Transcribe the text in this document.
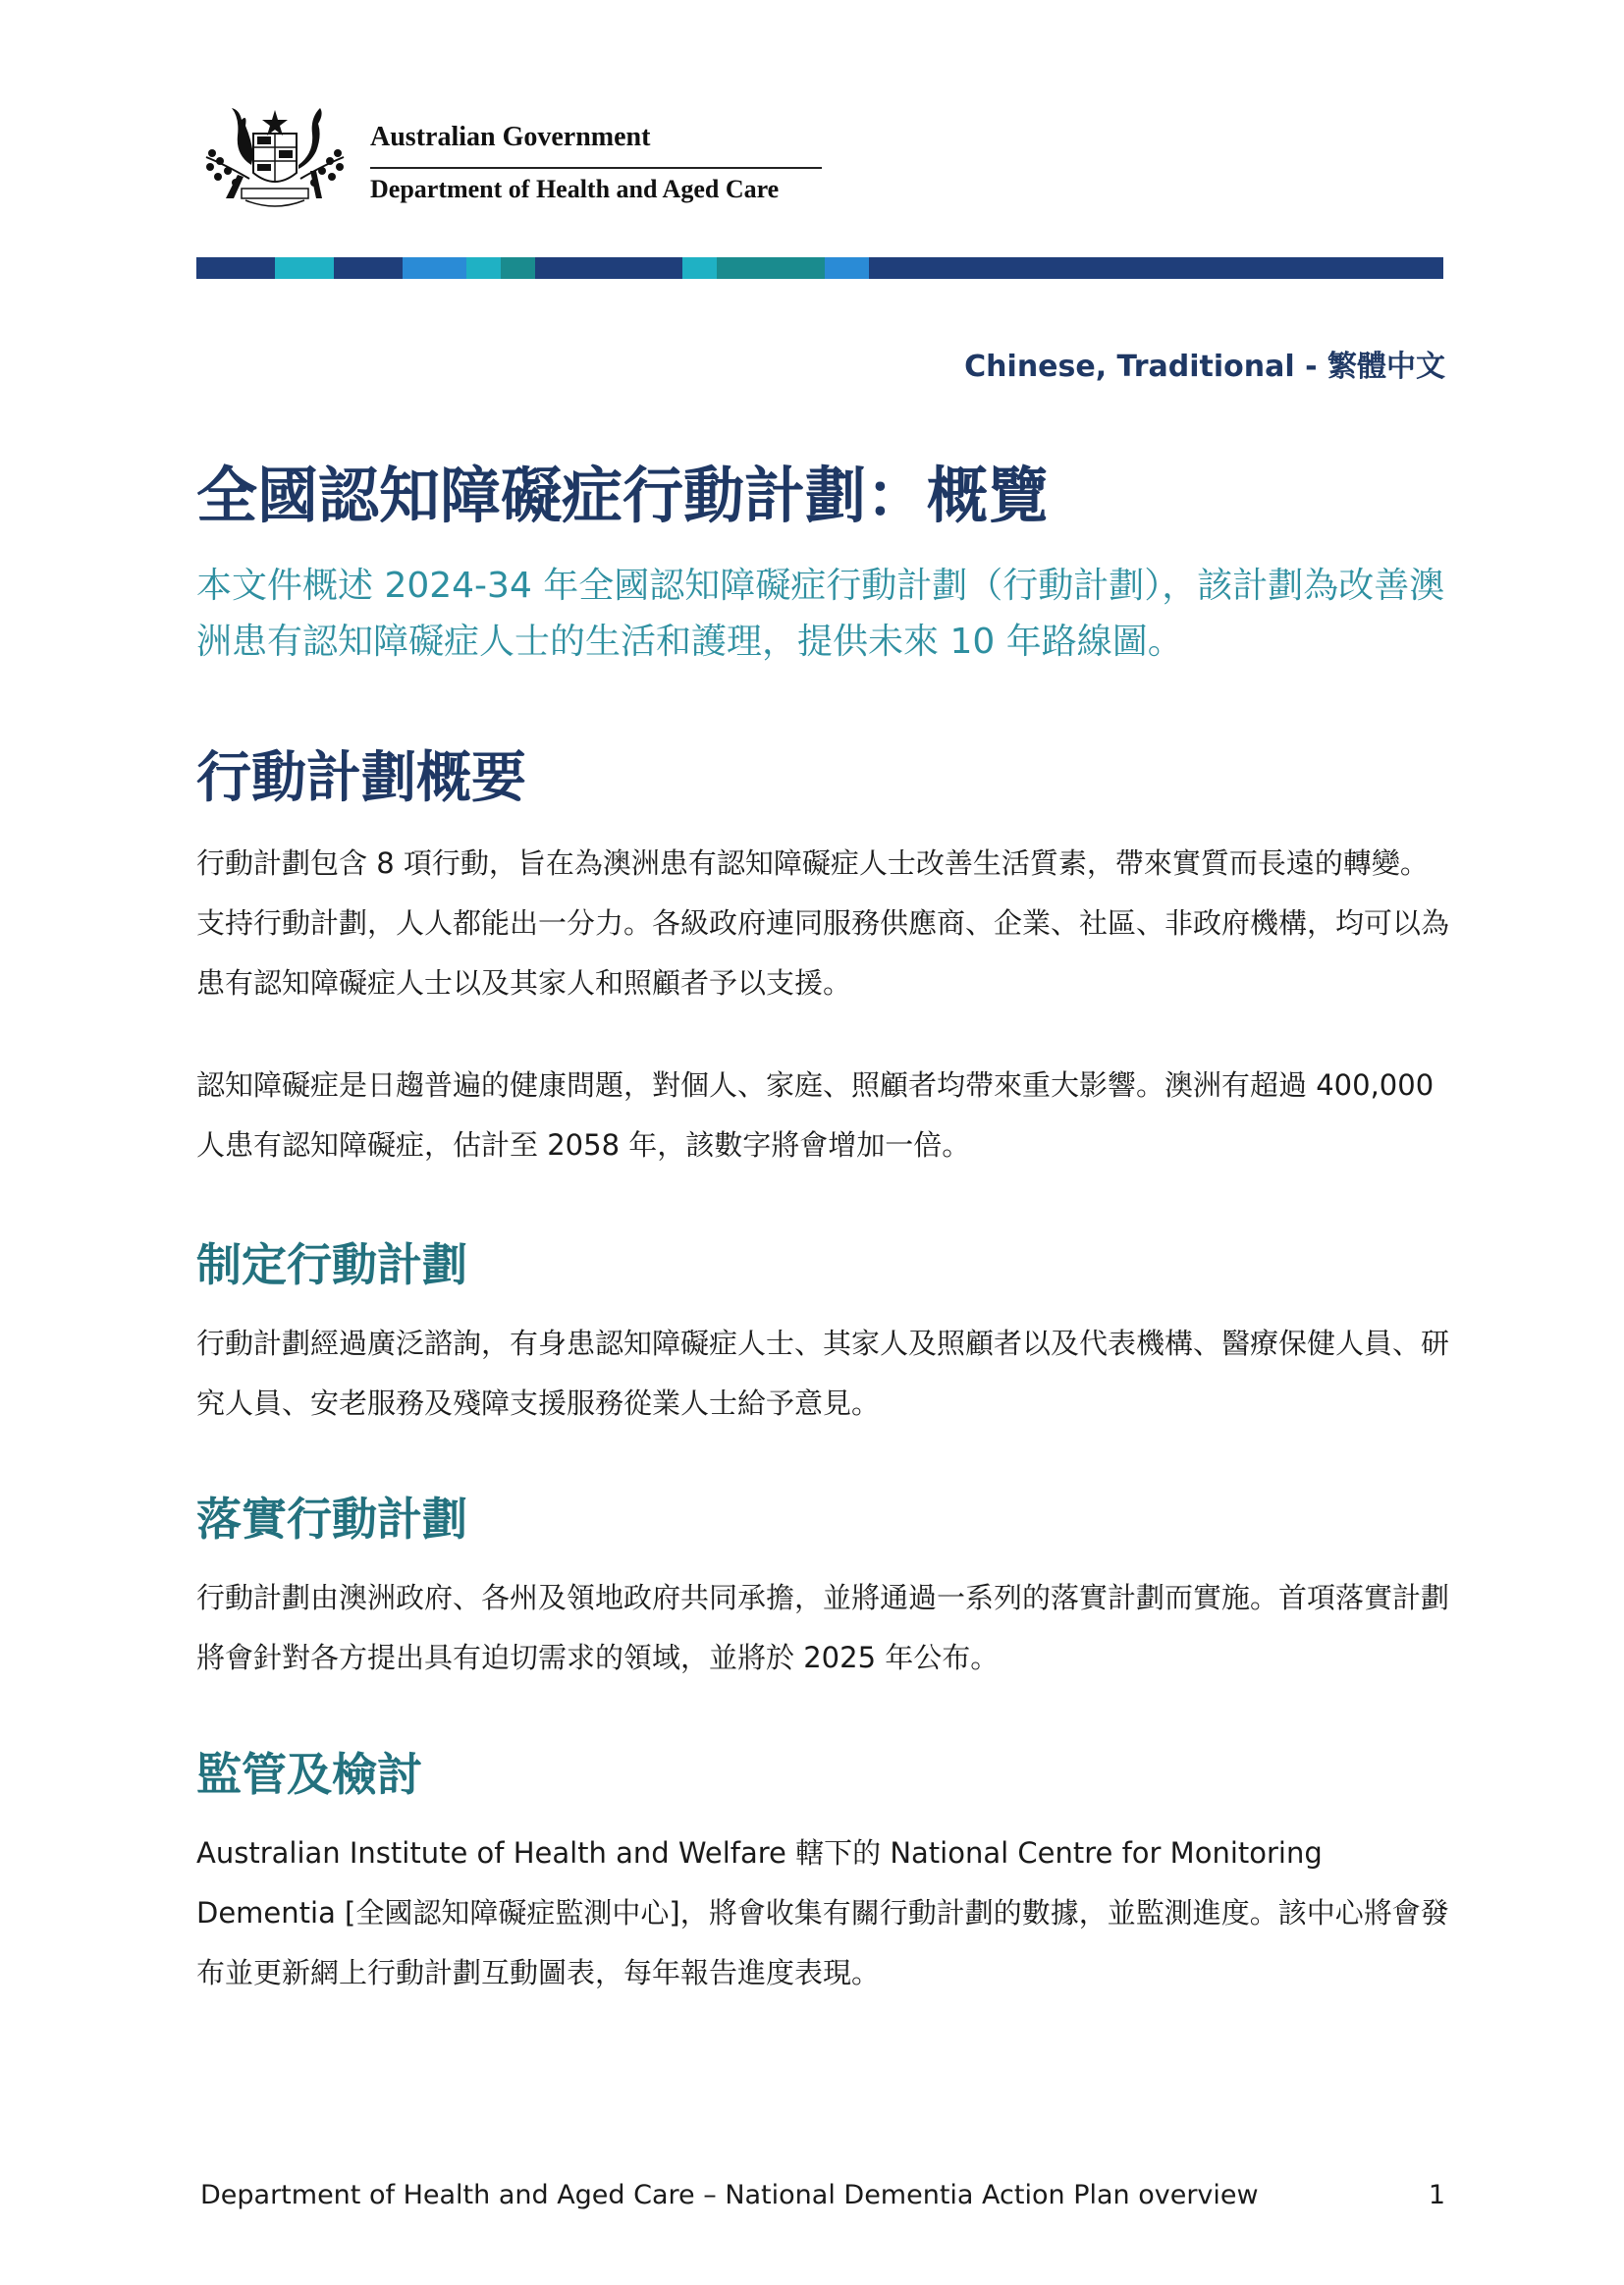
Australian Government
Department of Health and Aged Care
Chinese, Traditional - 繁體中文
全國認知障礙症行動計劃：概覽
本文件概述 2024-34 年全國認知障礙症行動計劃（行動計劃），該計劃為改善澳洲患有認知障礙症人士的生活和護理，提供未來 10 年路線圖。
行動計劃概要
行動計劃包含 8 項行動，旨在為澳洲患有認知障礙症人士改善生活質素，帶來實質而長遠的轉變。支持行動計劃，人人都能出一分力。各級政府連同服務供應商、企業、社區、非政府機構，均可以為患有認知障礙症人士以及其家人和照顧者予以支援。
認知障礙症是日趨普遍的健康問題，對個人、家庭、照顧者均帶來重大影響。澳洲有超過 400,000 人患有認知障礙症，估計至 2058 年，該數字將會增加一倍。
制定行動計劃
行動計劃經過廣泛諮詢，有身患認知障礙症人士、其家人及照顧者以及代表機構、醫療保健人員、研究人員、安老服務及殘障支援服務從業人士給予意見。
落實行動計劃
行動計劃由澳洲政府、各州及領地政府共同承擔，並將通過一系列的落實計劃而實施。首項落實計劃將會針對各方提出具有迫切需求的領域，並將於 2025 年公布。
監管及檢討
Australian Institute of Health and Welfare 轄下的 National Centre for Monitoring Dementia [全國認知障礙症監測中心]，將會收集有關行動計劃的數據，並監測進度。該中心將會發布並更新網上行動計劃互動圖表，每年報告進度表現。
Department of Health and Aged Care – National Dementia Action Plan overview	1
